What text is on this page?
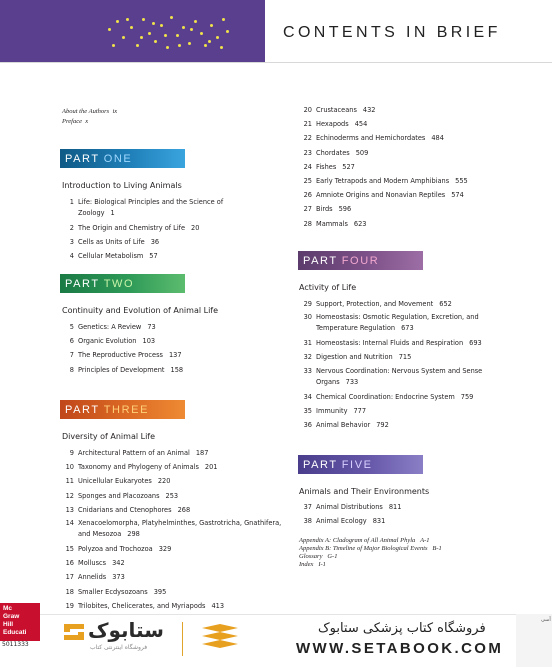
CONTENTS IN BRIEF
About the Authors ix
Preface x
PART ONE
Introduction to Living Animals
1 Life: Biological Principles and the Science of Zoology 1
2 The Origin and Chemistry of Life 20
3 Cells as Units of Life 36
4 Cellular Metabolism 57
PART TWO
Continuity and Evolution of Animal Life
5 Genetics: A Review 73
6 Organic Evolution 103
7 The Reproductive Process 137
8 Principles of Development 158
PART THREE
Diversity of Animal Life
9 Architectural Pattern of an Animal 187
10 Taxonomy and Phylogeny of Animals 201
11 Unicellular Eukaryotes 220
12 Sponges and Placozoans 253
13 Cnidarians and Ctenophores 268
14 Xenacoelomorpha, Platyhelminthes, Gastrotricha, Gnathifera, and Mesozoa 298
15 Polyzoa and Trochozoa 329
16 Molluscs 342
17 Annelids 373
18 Smaller Ecdysozoans 395
19 Trilobites, Chelicerates, and Myriapods 413
20 Crustaceans 432
21 Hexapods 454
22 Echinoderms and Hemichordates 484
23 Chordates 509
24 Fishes 527
25 Early Tetrapods and Modern Amphibians 555
26 Amniote Origins and Nonavian Reptiles 574
27 Birds 596
28 Mammals 623
PART FOUR
Activity of Life
29 Support, Protection, and Movement 652
30 Homeostasis: Osmotic Regulation, Excretion, and Temperature Regulation 673
31 Homeostasis: Internal Fluids and Respiration 693
32 Digestion and Nutrition 715
33 Nervous Coordination: Nervous System and Sense Organs 733
34 Chemical Coordination: Endocrine System 759
35 Immunity 777
36 Animal Behavior 792
PART FIVE
Animals and Their Environments
37 Animal Distributions 811
38 Animal Ecology 831
Appendix A: Cladogram of All Animal Phyla A-1
Appendix B: Timeline of Major Biological Events B-1
Glossary G-1
Index I-1
آسی
Mc
Graw
Hill
Educati
5011333
ستابوک
فروشگاه اینترنتی کتاب
فروشگاه کتاب پزشکی ستابوک
WWW.SETABOOK.COM
